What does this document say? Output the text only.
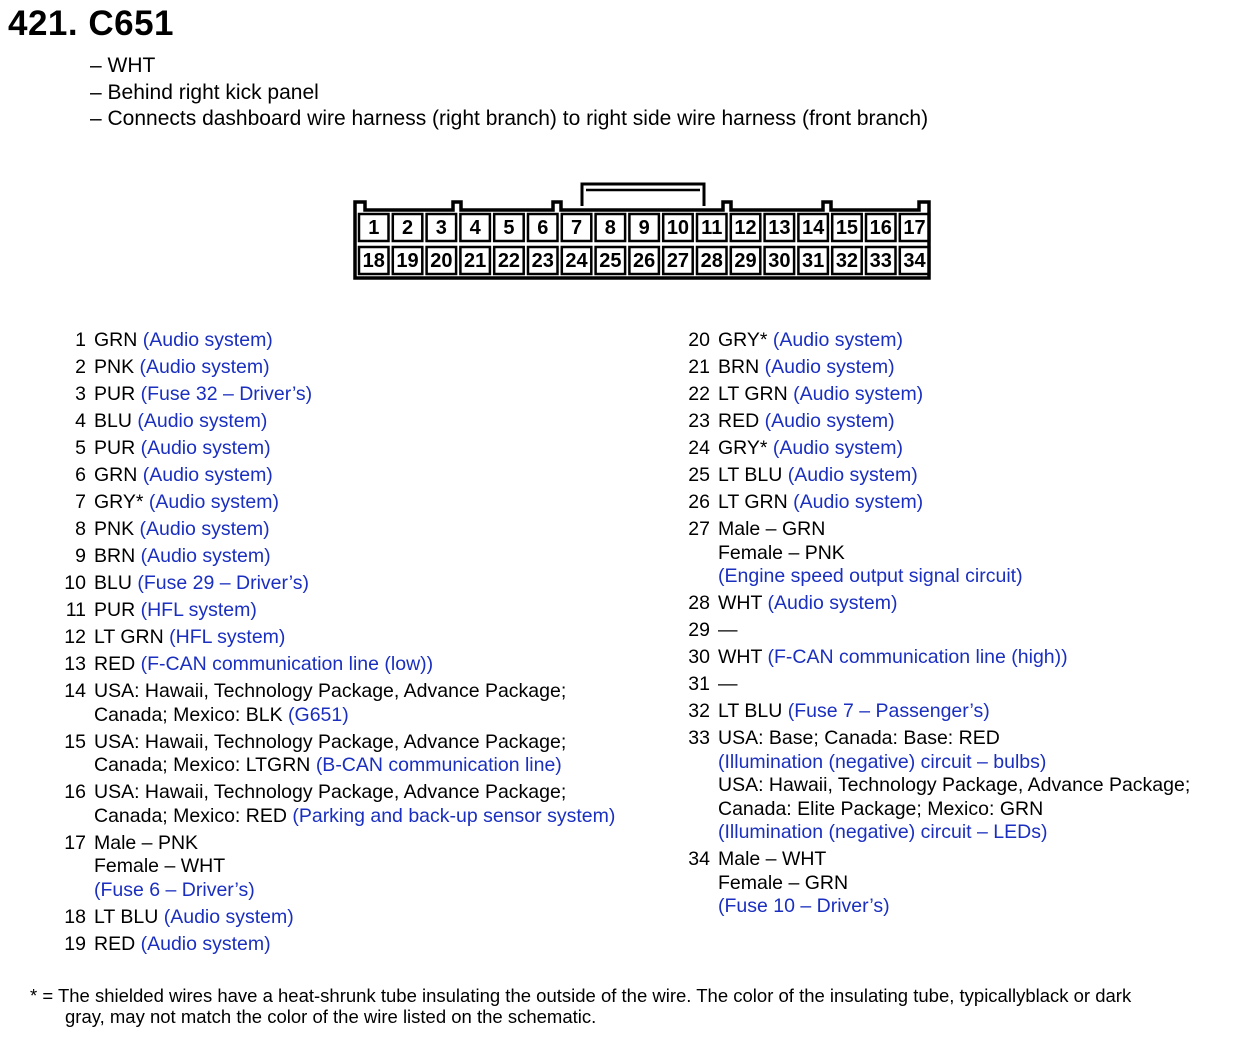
421. C651
– WHT
– Behind right kick panel
– Connects dashboard wire harness (right branch) to right side wire harness (front branch)
1	2	3	4	5	6	7	8	9 10 11 12 13 14 15 16 17
18 19 20 21 22 23 24 25 26 27 28 29 30 31 32 33 34
1 GRN (Audio system)
2 PNK (Audio system)
3 PUR (Fuse 32 – Driver’s)
4 BLU (Audio system)
5 PUR (Audio system)
6 GRN (Audio system)
7 GRY* (Audio system)
8 PNK (Audio system)
9 BRN (Audio system)
10 BLU (Fuse 29 – Driver’s)
11 PUR (HFL system)
12 LT GRN (HFL system)
13 RED (F-CAN communication line (low))
14 USA: Hawaii, Technology Package, Advance Package;
Canada; Mexico: BLK (G651)
15 USA: Hawaii, Technology Package, Advance Package;
Canada; Mexico: LTGRN (B-CAN communication line)
16 USA: Hawaii, Technology Package, Advance Package;
Canada; Mexico: RED (Parking and back-up sensor system)
17 Male – PNK
Female – WHT
(Fuse 6 – Driver’s)
18 LT BLU (Audio system)
19 RED (Audio system)
20 GRY* (Audio system)
21 BRN (Audio system)
22 LT GRN (Audio system)
23 RED (Audio system)
24 GRY* (Audio system)
25 LT BLU (Audio system)
26 LT GRN (Audio system)
27 Male – GRN
Female – PNK
(Engine speed output signal circuit)
28 WHT (Audio system)
29 —
30 WHT (F-CAN communication line (high))
31 —
32 LT BLU (Fuse 7 – Passenger’s)
33 USA: Base; Canada: Base: RED
(Illumination (negative) circuit – bulbs)
USA: Hawaii, Technology Package, Advance Package;
Canada: Elite Package; Mexico: GRN
(Illumination (negative) circuit – LEDs)
34 Male – WHT
Female – GRN
(Fuse 10 – Driver’s)
* = The shielded wires have a heat-shrunk tube insulating the outside of the wire. The color of the insulating tube, typicallyblack or dark
gray, may not match the color of the wire listed on the schematic.
